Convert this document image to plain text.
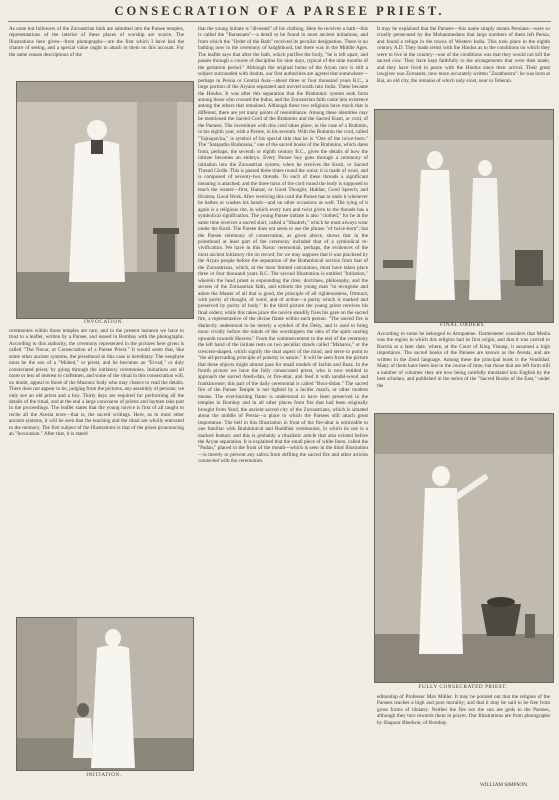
CONSECRATION OF A PARSEE PRIEST.

As none but followers of the Zoroastrian faith are admitted into the Parsee temples, representations of the interior of these places of worship are scarce. The Illustrations here given—from photographs—are the first which I have had the chance of seeing, and a special value ought to attach to them on this account. For the same reason descriptions of the

INVOCATION.

ceremonies within those temples are rare, and in the present instance we have to trust to a leaflet, written by a Parsee, and issued in Bombay with the photographs. According to this authority, the ceremony represented in the pictures here given is called "The Navar, or Consecration of a Parsee Priest." It would seem that, like some other ancient systems, the priesthood in this case is hereditary. The neophyte must be the son of a "Mobed," or priest, and he becomes an "Ervad," or duly consecrated priest, by going through the initiatory ceremonies. Initiations are all more or less of interest to craftsmen, and some of the ritual in this consecration will, no doubt, appeal to those of the Masonic body who may chance to read the details. There does not appear to be, judging from the pictures, any assembly of persons; we only see an old priest and a boy. Thirty days are required for performing all the details of the ritual, and at the end a large concourse of priests and laymen take part in the proceedings. The leaflet states that the young novice is first of all taught to recite all the Avesta texts—that is, the sacred writings. Here, as in most other ancient systems, it will be seen that the teaching and the ritual are wholly entrusted to the memory. The first subject of the Illustrations is that of the priest pronouncing an "Invocation." After that, it is stated

INITIATION.

that the young initiate is "divested" of his clothing. Here he receives a bath—this is called the "Barsenam"—a detail to be found in most ancient initiations, and from which the "Order of the Bath" received its peculiar designation. There is no bathing now in the ceremony of knighthood, but there was in the Middle Ages. The leaflet says that after the bath, which purifies the body, "he is left apart, and passes through a course of discipline for nine days, typical of the nine months of the gestation period." Although the original home of the Aryan race is still a subject surrounded with doubts, our first authorities are agreed that somewhere—perhaps in Persia or Central Asia—about three or four thousand years B.C., a large portion of the Aryans separated and moved south into India. These became the Hindus. It was after this separation that the Brahminic system took form among those who crossed the Indus, and the Zoroastrian faith came into existence among the others that remained. Although these two religions have much that is different, there are yet many points of resemblance. Among these identities may be mentioned the Sacred Cord of the Brahmins and the Sacred Kusti, or cord, of the Parsees. The investiture with this cord takes place, in the case of a Brahmin, in his eighth year, with a Parsee, in his seventh. With the Brahmin the cord, called "Yajnopavita," is symbol of his special title that he is "One of the twice-born." The "Satapatha Brahmana," one of the sacred books of the Brahmins, which dates from, perhaps, the seventh or eighth century B.C., gives the details of how the initiate becomes an embryo. Every Parsee boy goes through a ceremony of initiation into the Zoroastrian system, when he receives the Kusti, or Sacred Thread Girdle. This is passed three times round the waist; it is made of wool, and is composed of seventy-two threads. To each of these threads a significant meaning is attached; and the three turns of the cord round the body is supposed to teach the wearer—first, Humat, or Good Thought; Hukhat, Good Speech; and Hvarsta, Good Work. After receiving this cord the Parsee has to undo it whenever he bathes or washes his hands—and on other occasions as well. The tying of it again is a religious rite, in which every turn and twist given to the threads has a symbolical signification. The young Parsee initiate is also "clothed," for he at the same time receives a sacred shirt, called a "Skudreh," which he must always wear under the Kusti. The Parsee does not seem to use the phrase "of twice-born"; but the Parsee ceremony of consecration, as given above, shows that in the priesthood at least part of the ceremony included that of a symbolical re-vivification. We have in this Navar ceremonial, perhaps, the evidences of the most ancient initiatory rite on record; for we may suppose that it was practised by the Aryan people before the separation of the Brahminical section from that of the Zoroastrians, which, at the most limited calculation, must have taken place three or four thousand years B.C. The second Illustration is entitled "Initiation," wherein the head priest is expounding the rites, doctrines, philosophy, and the secrets of the Zoroastrian faith, and exhorts the young man "to recognise and adore the Master of all that is good, the principle of all righteousness, Ormuzd, with purity of thought, of word, and of action—a purity which is marked and preserved by purity of body." In the third picture the young priest receives his final orders; while this takes place the novice steadily fixes his gaze on the sacred fire, a representative of the divine flame within each person. "The sacred fire is distinctly understood to be merely a symbol of the Deity, and is used to bring more vividly before the minds of the worshippers the idea of the spirit soaring upwards towards Heaven." From the commencement to the end of the ceremony the left hand of the initiate rests on two peculiar stands called "Maharos," or the crescent-shaped, which signify the dual aspect of the mind, and serve to point to "the all-pervading principle of polarity in nature." It will be seen from the picture that these objects might almost pass for small models of Jachin and Boaz. In the fourth picture we have the fully consecrated priest, who is now entitled to approach the sacred Atesh-dan, or fire-altar, and feed it with sandal-wood and frankincense; this part of the daily ceremonial is called "Booi-didan." The sacred fire of the Parsee Temple is not lighted by a lucifer match, or other modern means. The ever-burning flame is understood to have been preserved in the temples in Bombay and in all other places from fire that had been originally brought from Yezd, the ancient sacred city of the Zoroastrians, which is situated about the middle of Persia—a place to which the Parsees still attach great importance. The bell in this Illustration in front of the fire-altar is noticeable to one familiar with Brahminical and Buddhist ceremonies, in which its use is a marked feature; and this is probably a ritualistic article that also existed before the Aryan separation. It is explained that the small piece of white linen, called the "Padan," placed in the front of the mouth—which is seen in the third Illustration—is merely to prevent any saliva from defiling the sacred fire and other articles connected with the ceremonies.

It may be explained that the Parsees—this name simply means Persians—were so cruelly persecuted by the Mohammedans that large numbers of them left Persia, and found a refuge in the towns of Western India. This took place in the eighth century A.D. They made terms with the Hindus as to the conditions on which they were to live in the country—one of the conditions was that they would not kill the sacred cow. They have kept faithfully to the arrangements that were then made, and they have lived in peace with the Hindus since their arrival. Their great lawgiver was Zoroaster, now more accurately written "Zarathustra": he was born at Rai, an old city, the remains of which only exist, near to Teheran.

FINAL ORDERS.

According to some he belonged to Atropatene. Darmesteter considers that Media was the region in which this religion had its first origin, and that it was carried to Bactria at a later date, where, at the Court of King Vistasp, it assumed a high importance. The sacred books of the Parsees are known as the Avesta, and are written in the Zend language. Among these the principal book is the Vendidad. Many of them have been lost in the course of time, but those that are left form still a number of volumes: they are now being carefully translated into English by the best scholars, and published in the series of the "Sacred Books of the East," under the

FULLY CONSECRATED PRIEST.

editorship of Professor Max Müller. It may be pointed out that the religion of the Parsees teaches a high and pure morality; and that it may be said to be free from gross forms of idolatry. Neither the fire nor the sun are gods to the Parsees, although they turn towards them in prayer. Our Illustrations are from photographs by Shapoor Bhedwar, of Bombay.

WILLIAM SIMPSON.
